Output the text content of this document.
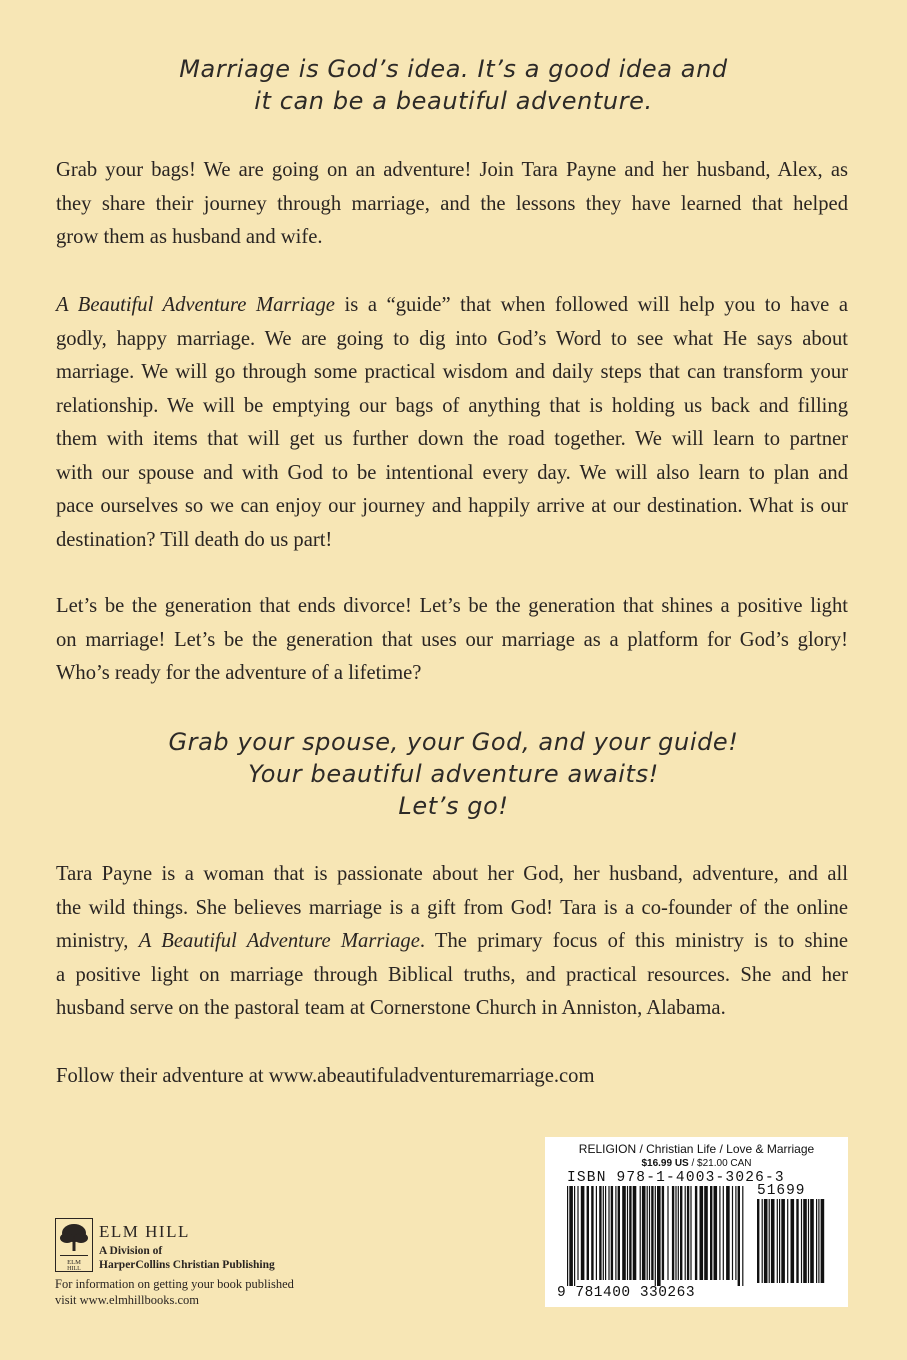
Marriage is God’s idea. It’s a good idea and
it can be a beautiful adventure.
Grab your bags! We are going on an adventure! Join Tara Payne and her husband, Alex, as
they share their journey through marriage, and the lessons they have learned that helped
grow them as husband and wife.
A Beautiful Adventure Marriage is a “guide” that when followed will help you to have a
godly, happy marriage. We are going to dig into God’s Word to see what He says about
marriage. We will go through some practical wisdom and daily steps that can transform your
relationship. We will be emptying our bags of anything that is holding us back and filling
them with items that will get us further down the road together. We will learn to partner
with our spouse and with God to be intentional every day. We will also learn to plan and
pace ourselves so we can enjoy our journey and happily arrive at our destination. What is our
destination? Till death do us part!
Let’s be the generation that ends divorce! Let’s be the generation that shines a positive light
on marriage! Let’s be the generation that uses our marriage as a platform for God’s glory!
Who’s ready for the adventure of a lifetime?
Grab your spouse, your God, and your guide!
Your beautiful adventure awaits!
Let’s go!
Tara Payne is a woman that is passionate about her God, her husband, adventure, and all
the wild things. She believes marriage is a gift from God! Tara is a co-founder of the online
ministry, A Beautiful Adventure Marriage. The primary focus of this ministry is to shine
a positive light on marriage through Biblical truths, and practical resources. She and her
husband serve on the pastoral team at Cornerstone Church in Anniston, Alabama.
Follow their adventure at www.abeautifuladventuremarriage.com
ELM
HILL
ELM HILL
A Division of
HarperCollins Christian Publishing
For information on getting your book published
visit www.elmhillbooks.com
RELIGION / Christian Life / Love & Marriage
$16.99 US / $21.00 CAN
ISBN 978-1-4003-3026-3
9 781400 330263
51699
